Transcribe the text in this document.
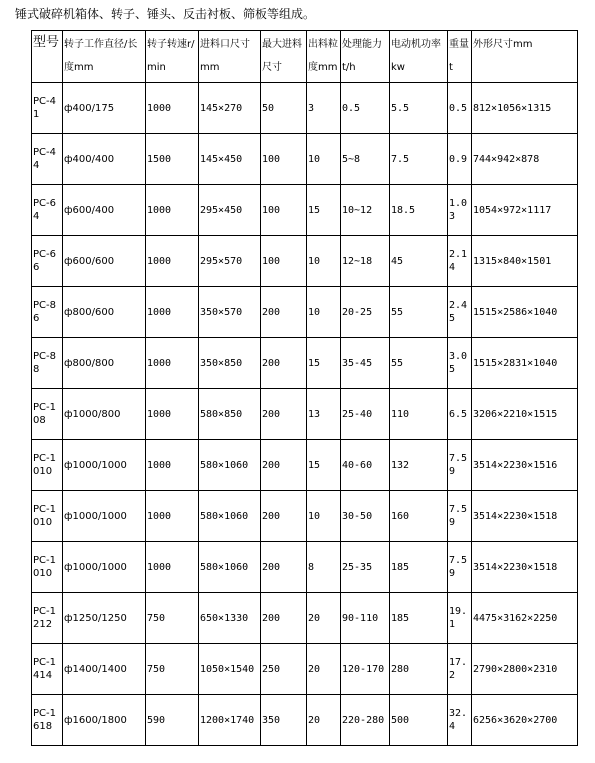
锤式破碎机箱体、转子、锤头、反击衬板、筛板等组成。
型号	转子工作直径/长度mm	转子转速r/min	进料口尺寸mm	最大进料 尺寸	出料粒度mm	处理能力t/h	电动机功率kw	重量t	外形尺寸mm
PC-41	ф400/175	1000	145×270	50	3	0.5	5.5	0.5	812×1056×1315
PC-44	ф400/400	1500	145×450	100	10	5~8	7.5	0.9	744×942×878
PC-64	ф600/400	1000	295×450	100	15	10~12	18.5	1.03	1054×972×1117
PC-66	ф600/600	1000	295×570	100	10	12~18	45	2.14	1315×840×1501
PC-86	ф800/600	1000	350×570	200	10	20-25	55	2.45	1515×2586×1040
PC-88	ф800/800	1000	350×850	200	15	35-45	55	3.05	1515×2831×1040
PC-108	ф1000/800	1000	580×850	200	13	25-40	110	6.5	3206×2210×1515
PC-1010	ф1000/1000	1000	580×1060	200	15	40-60	132	7.59	3514×2230×1516
PC-1010	ф1000/1000	1000	580×1060	200	10	30-50	160	7.59	3514×2230×1518
PC-1010	ф1000/1000	1000	580×1060	200	8	25-35	185	7.59	3514×2230×1518
PC-1212	ф1250/1250	750	650×1330	200	20	90-110	185	19.1	4475×3162×2250
PC-1414	ф1400/1400	750	1050×1540	250	20	120-170	280	17.2	2790×2800×2310
PC-1618	ф1600/1800	590	1200×1740	350	20	220-280	500	32.4	6256×3620×2700
